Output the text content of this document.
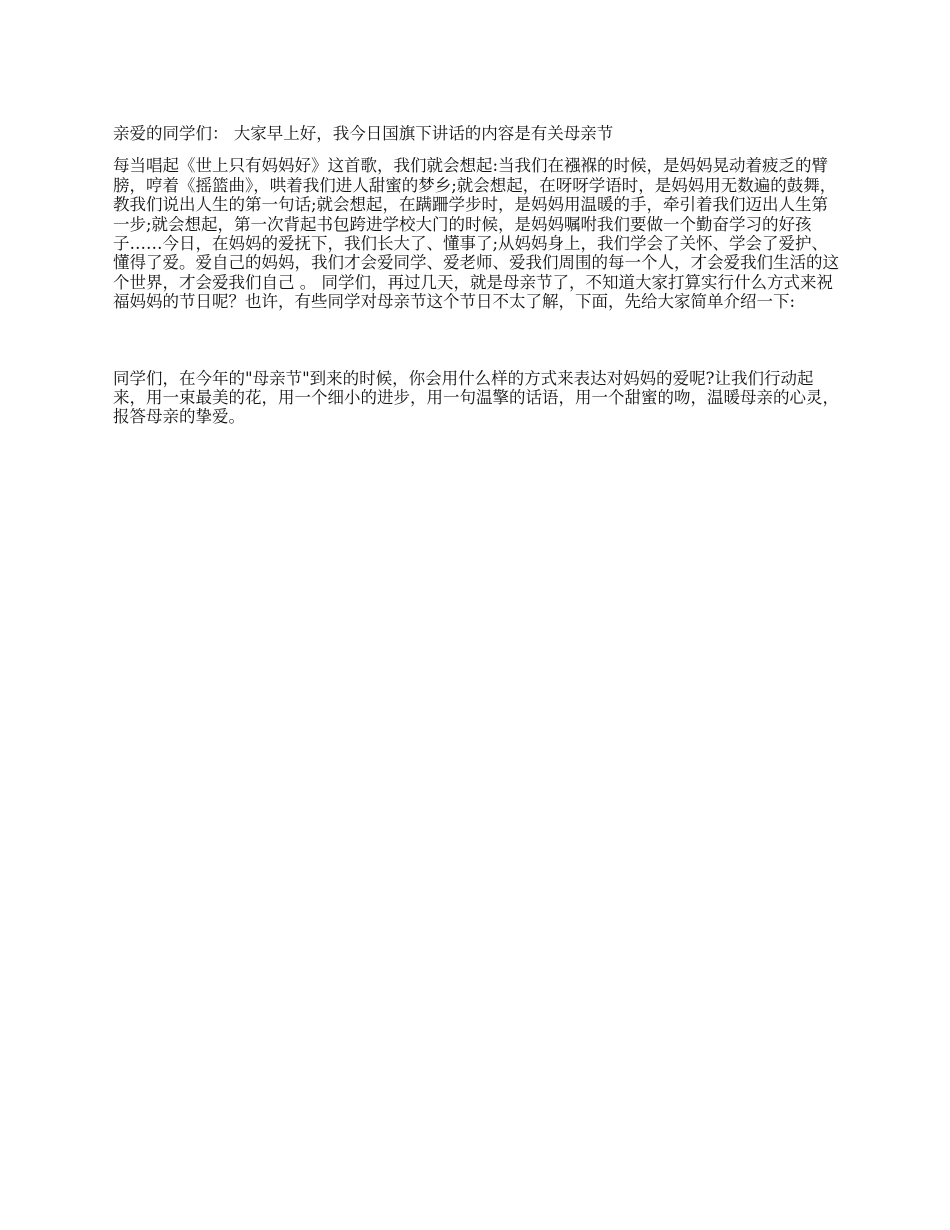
亲爱的同学们： 大家早上好，我今日国旗下讲话的内容是有关母亲节

每当唱起《世上只有妈妈好》这首歌，我们就会想起:当我们在襁褓的时候，是妈妈晃动着疲乏的臂膀，哼着《摇篮曲》，哄着我们进人甜蜜的梦乡;就会想起，在呀呀学语时，是妈妈用无数遍的鼓舞，教我们说出人生的第一句话;就会想起，在蹒跚学步时，是妈妈用温暖的手，牵引着我们迈出人生第一步;就会想起，第一次背起书包跨进学校大门的时候，是妈妈嘱咐我们要做一个勤奋学习的好孩子……今日，在妈妈的爱抚下，我们长大了、懂事了;从妈妈身上，我们学会了关怀、学会了爱护、懂得了爱。爱自己的妈妈，我们才会爱同学、爱老师、爱我们周围的每一个人，才会爱我们生活的这个世界，才会爱我们自己 。 同学们，再过几天，就是母亲节了，不知道大家打算实行什么方式来祝福妈妈的节日呢？也许，有些同学对母亲节这个节日不太了解，下面，先给大家简单介绍一下:

同学们，在今年的"母亲节"到来的时候，你会用什么样的方式来表达对妈妈的爱呢?让我们行动起来，用一束最美的花，用一个细小的进步，用一句温擎的话语，用一个甜蜜的吻，温暖母亲的心灵，报答母亲的挚爱。
